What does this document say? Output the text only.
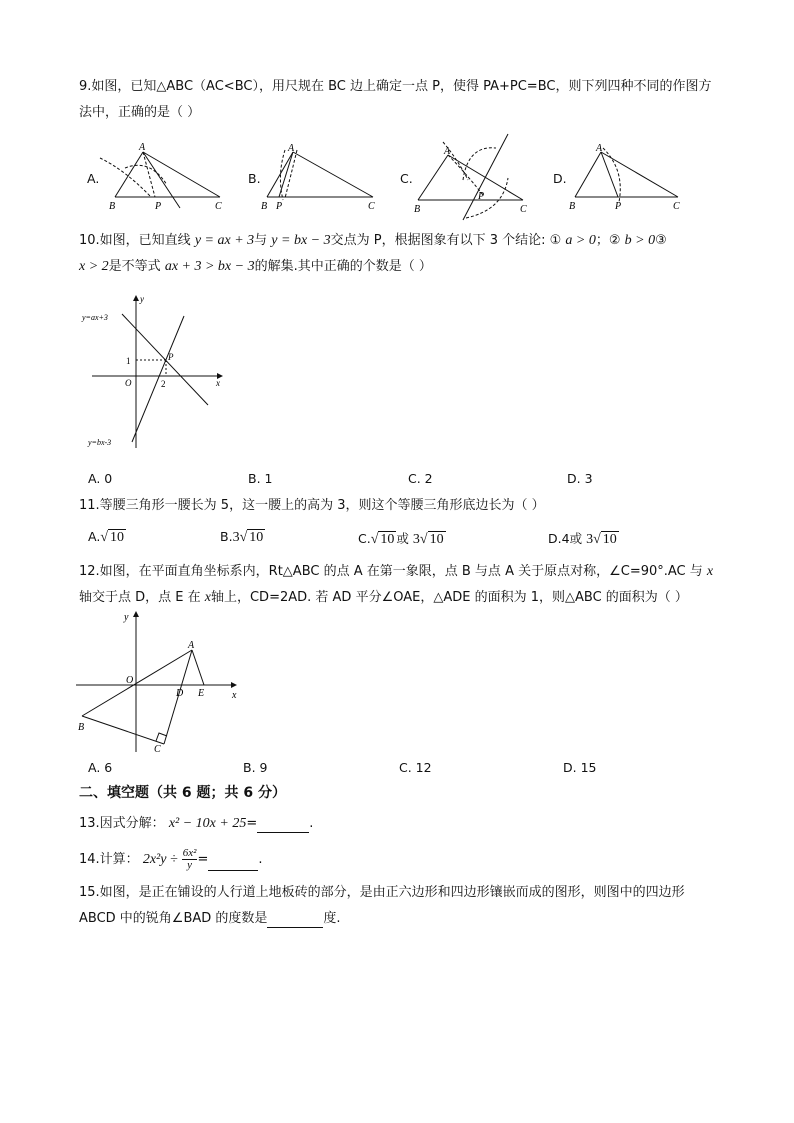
9.如图，已知△ABC（AC<BC），用尺规在 BC 边上确定一点 P，使得 PA+PC=BC，则下列四种不同的作图方
法中，正确的是（ ）
A.	B.	C.	D.
A
B	P	C
A
B P	C
A
B
P
C
A
B	P	C
10.如图，已知直线 y = ax + 3与 y = bx − 3交点为 P，根据图象有以下 3 个结论: ① a > 0；② b > 0③
x > 2是不等式 ax + 3 > bx − 3的解集.其中正确的个数是（ ）
y
x
O
y=ax+3
y=bx-3
2
1	P
A. 0	B. 1	C. 2	D. 3
11.等腰三角形一腰长为 5，这一腰上的高为 3，则这个等腰三角形底边长为（ ）
A.√ 10	B.3√ 10	C.√ 10 或 3√ 10	D.4或 3√ 10
12.如图，在平面直角坐标系内，Rt△ABC 的点 A 在第一象限，点 B 与点 A 关于原点对称，∠C=90°.AC 与 x
轴交于点 D，点 E 在 x轴上，CD=2AD. 若 AD 平分∠OAE，△ADE 的面积为 1，则△ABC 的面积为（ ）
y
x
O
A
B
C
D E
A. 6	B. 9	C. 12	D. 15
二、填空题（共 6 题；共 6 分）
13.因式分解： x² − 10x + 25=	.
14.计算： $2x^2y \div \frac{\text{6x²}}{y}$ =	.
15.如图，是正在铺设的人行道上地板砖的部分，是由正六边形和四边形镶嵌而成的图形，则图中的四边形
ABCD 中的锐角∠BAD 的度数是	度.
